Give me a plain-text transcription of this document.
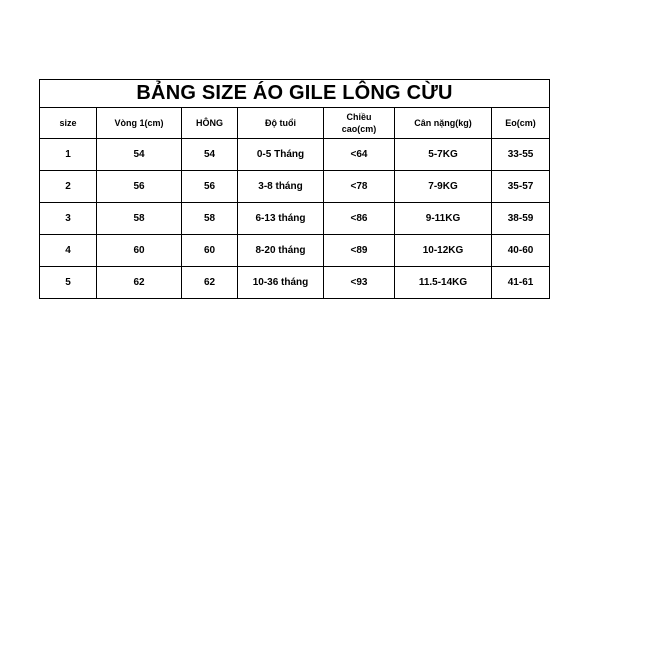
BẢNG SIZE ÁO GILE LÔNG CỪU						
size	Vòng 1(cm)	HÔNG	Độ tuổi	Chiều cao(cm)	Cân nặng(kg)	Eo(cm)
1	54	54	0-5 Tháng	<64	5-7KG	33-55
2	56	56	3-8 tháng	<78	7-9KG	35-57
3	58	58	6-13 tháng	<86	9-11KG	38-59
4	60	60	8-20 tháng	<89	10-12KG	40-60
5	62	62	10-36 tháng	<93	11.5-14KG	41-61
